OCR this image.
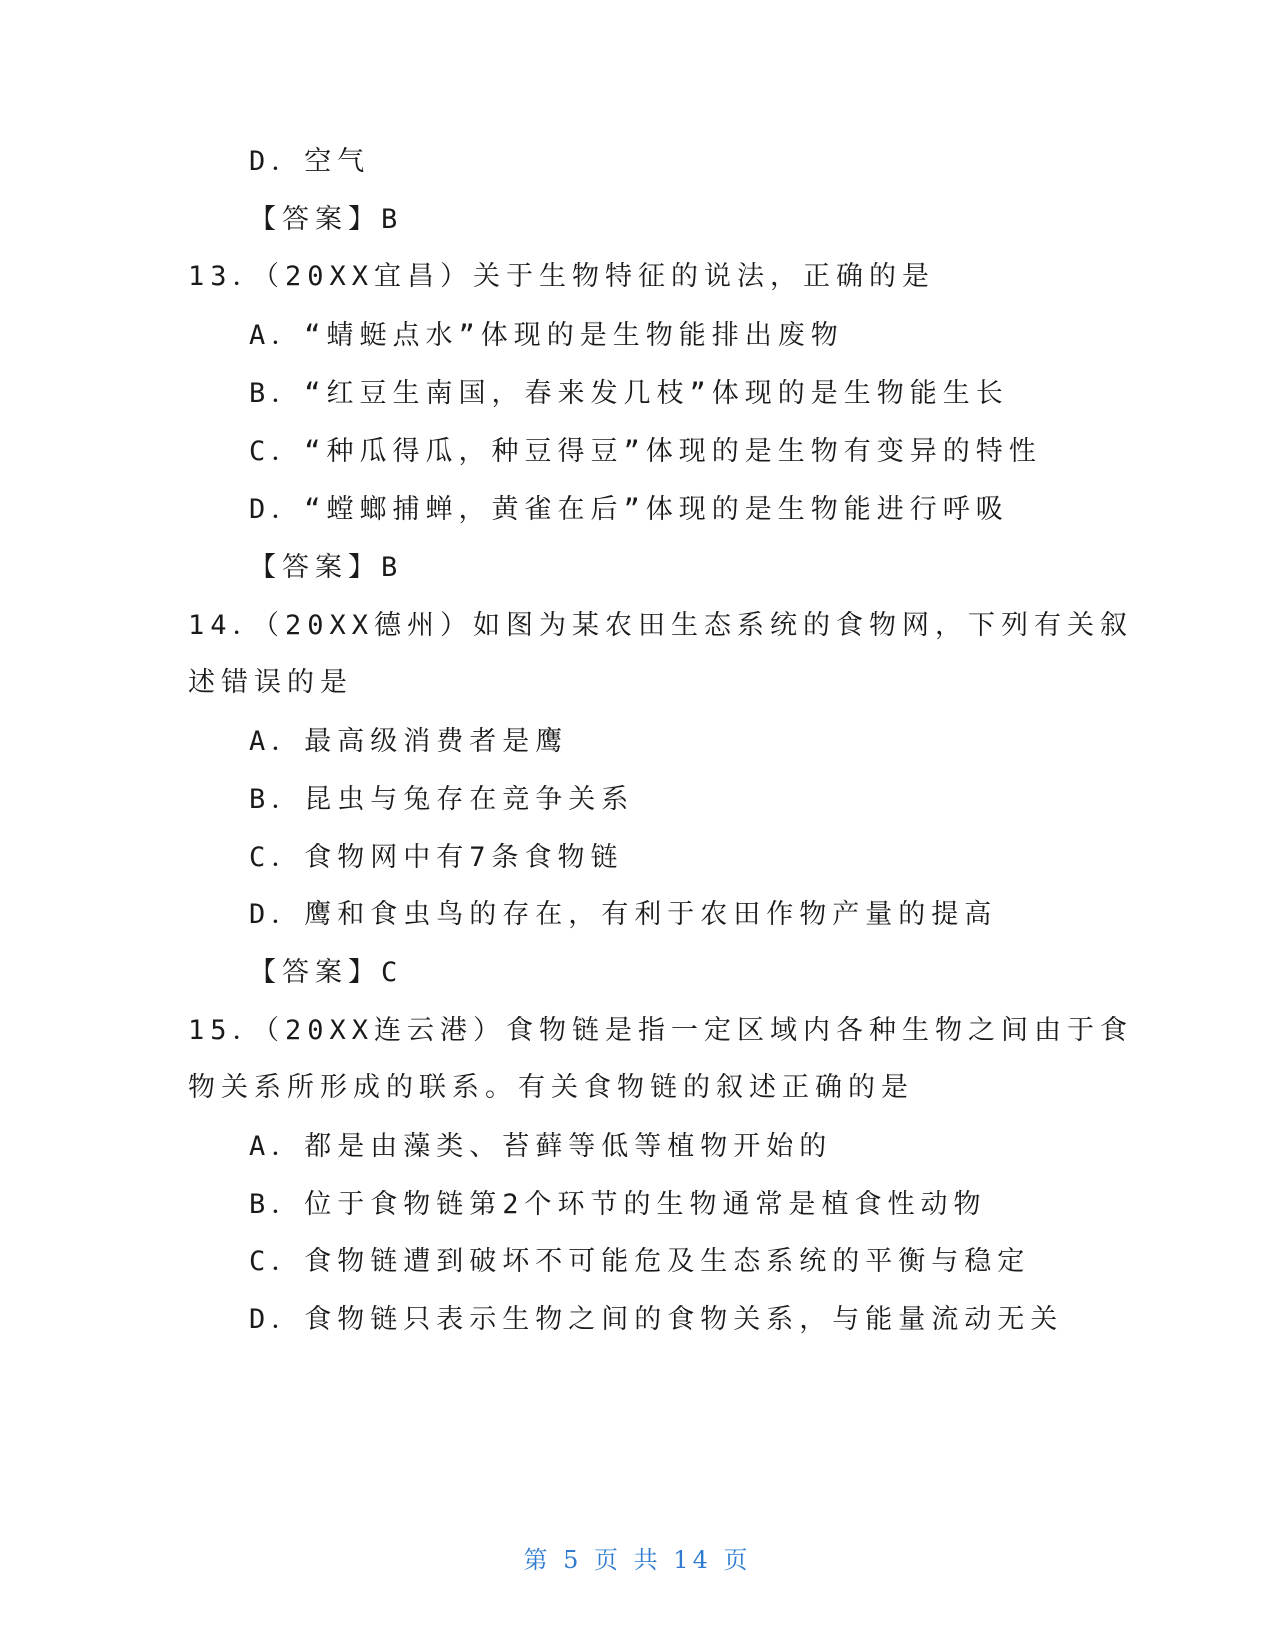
D．空气
【答案】B
13．（20XX宜昌）关于生物特征的说法，正确的是
A．“蜻蜓点水”体现的是生物能排出废物
B．“红豆生南国，春来发几枝”体现的是生物能生长
C．“种瓜得瓜，种豆得豆”体现的是生物有变异的特性
D．“螳螂捕蝉，黄雀在后”体现的是生物能进行呼吸
【答案】B
14．（20XX德州）如图为某农田生态系统的食物网，下列有关叙
述错误的是
A．最高级消费者是鹰
B．昆虫与兔存在竞争关系
C．食物网中有7条食物链
D．鹰和食虫鸟的存在，有利于农田作物产量的提高
【答案】C
15．（20XX连云港）食物链是指一定区域内各种生物之间由于食
物关系所形成的联系。有关食物链的叙述正确的是
A．都是由藻类、苔藓等低等植物开始的
B．位于食物链第2个环节的生物通常是植食性动物
C．食物链遭到破坏不可能危及生态系统的平衡与稳定
D．食物链只表示生物之间的食物关系，与能量流动无关
第 5 页 共 14 页
